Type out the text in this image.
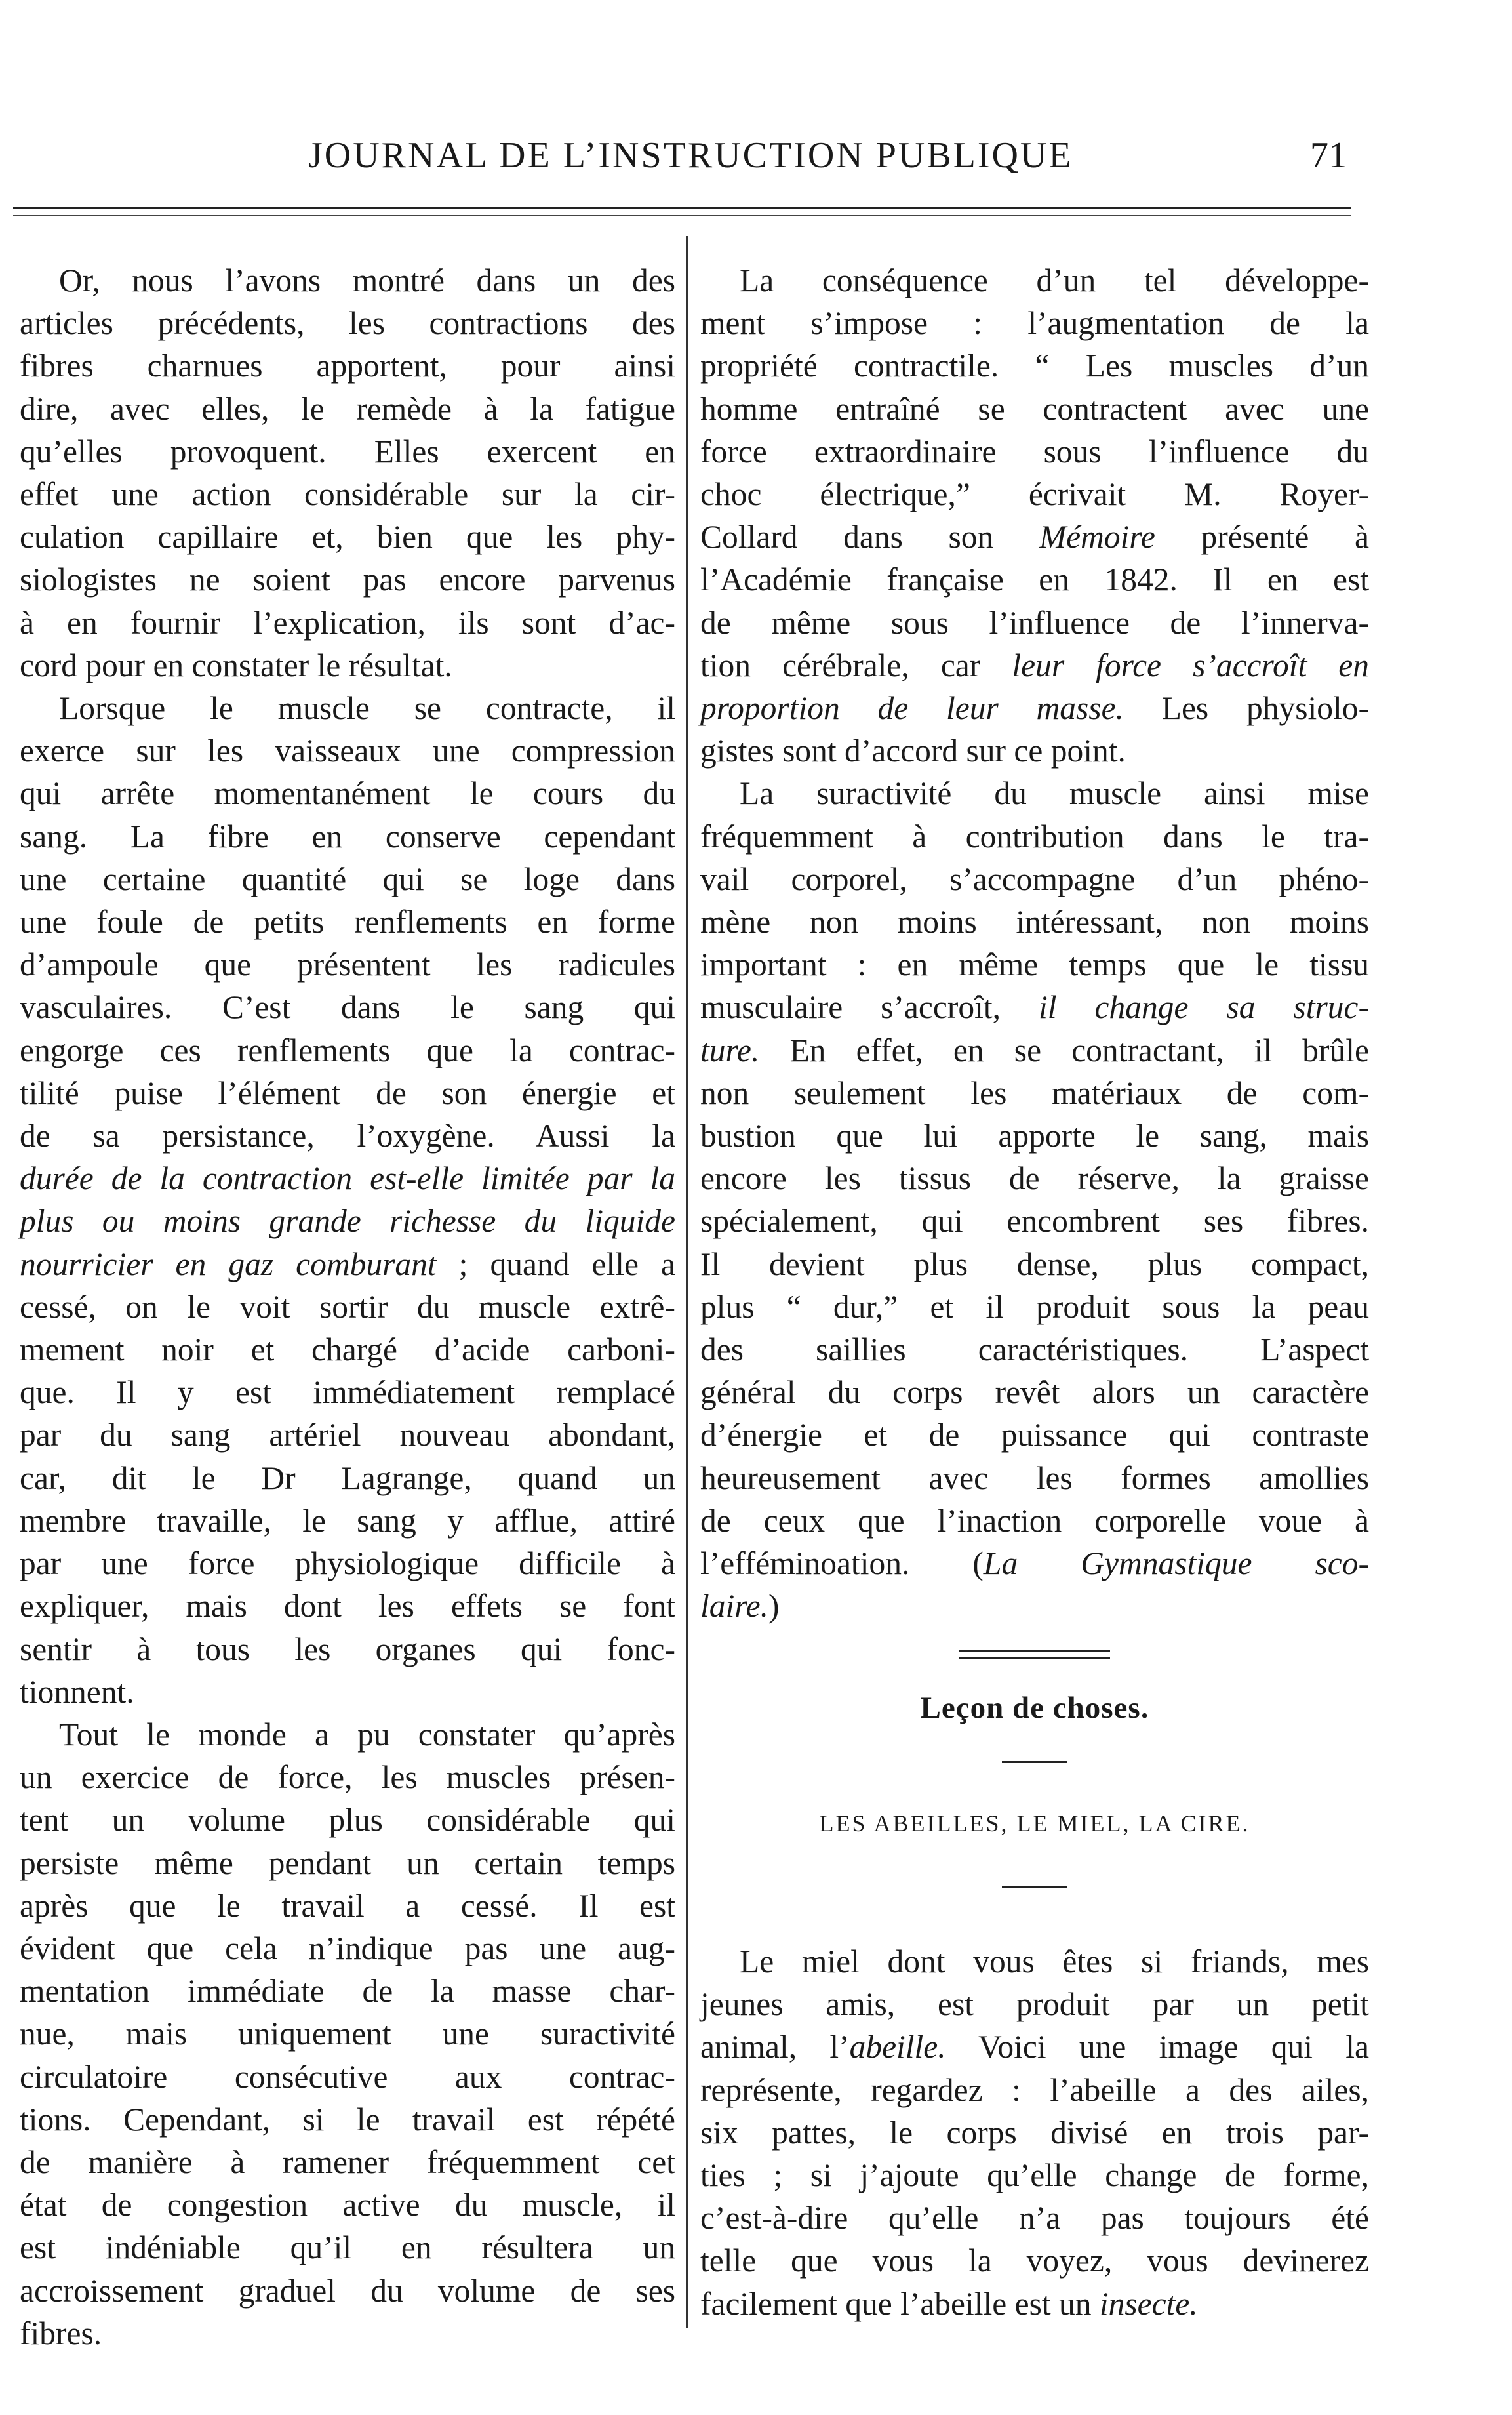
JOURNAL DE L’INSTRUCTION PUBLIQUE	71

Or, nous l’avons montré dans un des
articles précédents, les contractions des
fibres charnues apportent, pour ainsi
dire, avec elles, le remède à la fatigue
qu’elles provoquent. Elles exercent en
effet une action considérable sur la cir-
culation capillaire et, bien que les phy-
siologistes ne soient pas encore parvenus
à en fournir l’explication, ils sont d’ac-
cord pour en constater le résultat.

Lorsque le muscle se contracte, il
exerce sur les vaisseaux une compression
qui arrête momentanément le cours du
sang. La fibre en conserve cependant
une certaine quantité qui se loge dans
une foule de petits renflements en forme
d’ampoule que présentent les radicules
vasculaires. C’est dans le sang qui
engorge ces renflements que la contrac-
tilité puise l’élément de son énergie et
de sa persistance, l’oxygène. Aussi la
durée de la contraction est-elle limitée par la
plus ou moins grande richesse du liquide
nourricier en gaz comburant ; quand elle a
cessé, on le voit sortir du muscle extrê-
mement noir et chargé d’acide carboni-
que. Il y est immédiatement remplacé
par du sang artériel nouveau abondant,
car, dit le Dr Lagrange, quand un
membre travaille, le sang y afflue, attiré
par une force physiologique difficile à
expliquer, mais dont les effets se font
sentir à tous les organes qui fonc-
tionnent.

Tout le monde a pu constater qu’après
un exercice de force, les muscles présen-
tent un volume plus considérable qui
persiste même pendant un certain temps
après que le travail a cessé. Il est
évident que cela n’indique pas une aug-
mentation immédiate de la masse char-
nue, mais uniquement une suractivité
circulatoire consécutive aux contrac-
tions. Cependant, si le travail est répété
de manière à ramener fréquemment cet
état de congestion active du muscle, il
est indéniable qu’il en résultera un
accroissement graduel du volume de ses
fibres.

La conséquence d’un tel développe-
ment s’impose : l’augmentation de la
propriété contractile. “ Les muscles d’un
homme entraîné se contractent avec une
force extraordinaire sous l’influence du
choc électrique,” écrivait M. Royer-
Collard dans son Mémoire présenté à
l’Académie française en 1842. Il en est
de même sous l’influence de l’innerva-
tion cérébrale, car leur force s’accroît en
proportion de leur masse. Les physiolo-
gistes sont d’accord sur ce point.

La suractivité du muscle ainsi mise
fréquemment à contribution dans le tra-
vail corporel, s’accompagne d’un phéno-
mène non moins intéressant, non moins
important : en même temps que le tissu
musculaire s’accroît, il change sa struc-
ture. En effet, en se contractant, il brûle
non seulement les matériaux de com-
bustion que lui apporte le sang, mais
encore les tissus de réserve, la graisse
spécialement, qui encombrent ses fibres.
Il devient plus dense, plus compact,
plus “ dur,” et il produit sous la peau
des saillies caractéristiques. L’aspect
général du corps revêt alors un caractère
d’énergie et de puissance qui contraste
heureusement avec les formes amollies
de ceux que l’inaction corporelle voue à
l’efféminoation. (La Gymnastique sco-
laire.)

Leçon de choses.
LES ABEILLES, LE MIEL, LA CIRE.

Le miel dont vous êtes si friands, mes
jeunes amis, est produit par un petit
animal, l’abeille. Voici une image qui la
représente, regardez : l’abeille a des ailes,
six pattes, le corps divisé en trois par-
ties ; si j’ajoute qu’elle change de forme,
c’est-à-dire qu’elle n’a pas toujours été
telle que vous la voyez, vous devinerez
facilement que l’abeille est un insecte.
